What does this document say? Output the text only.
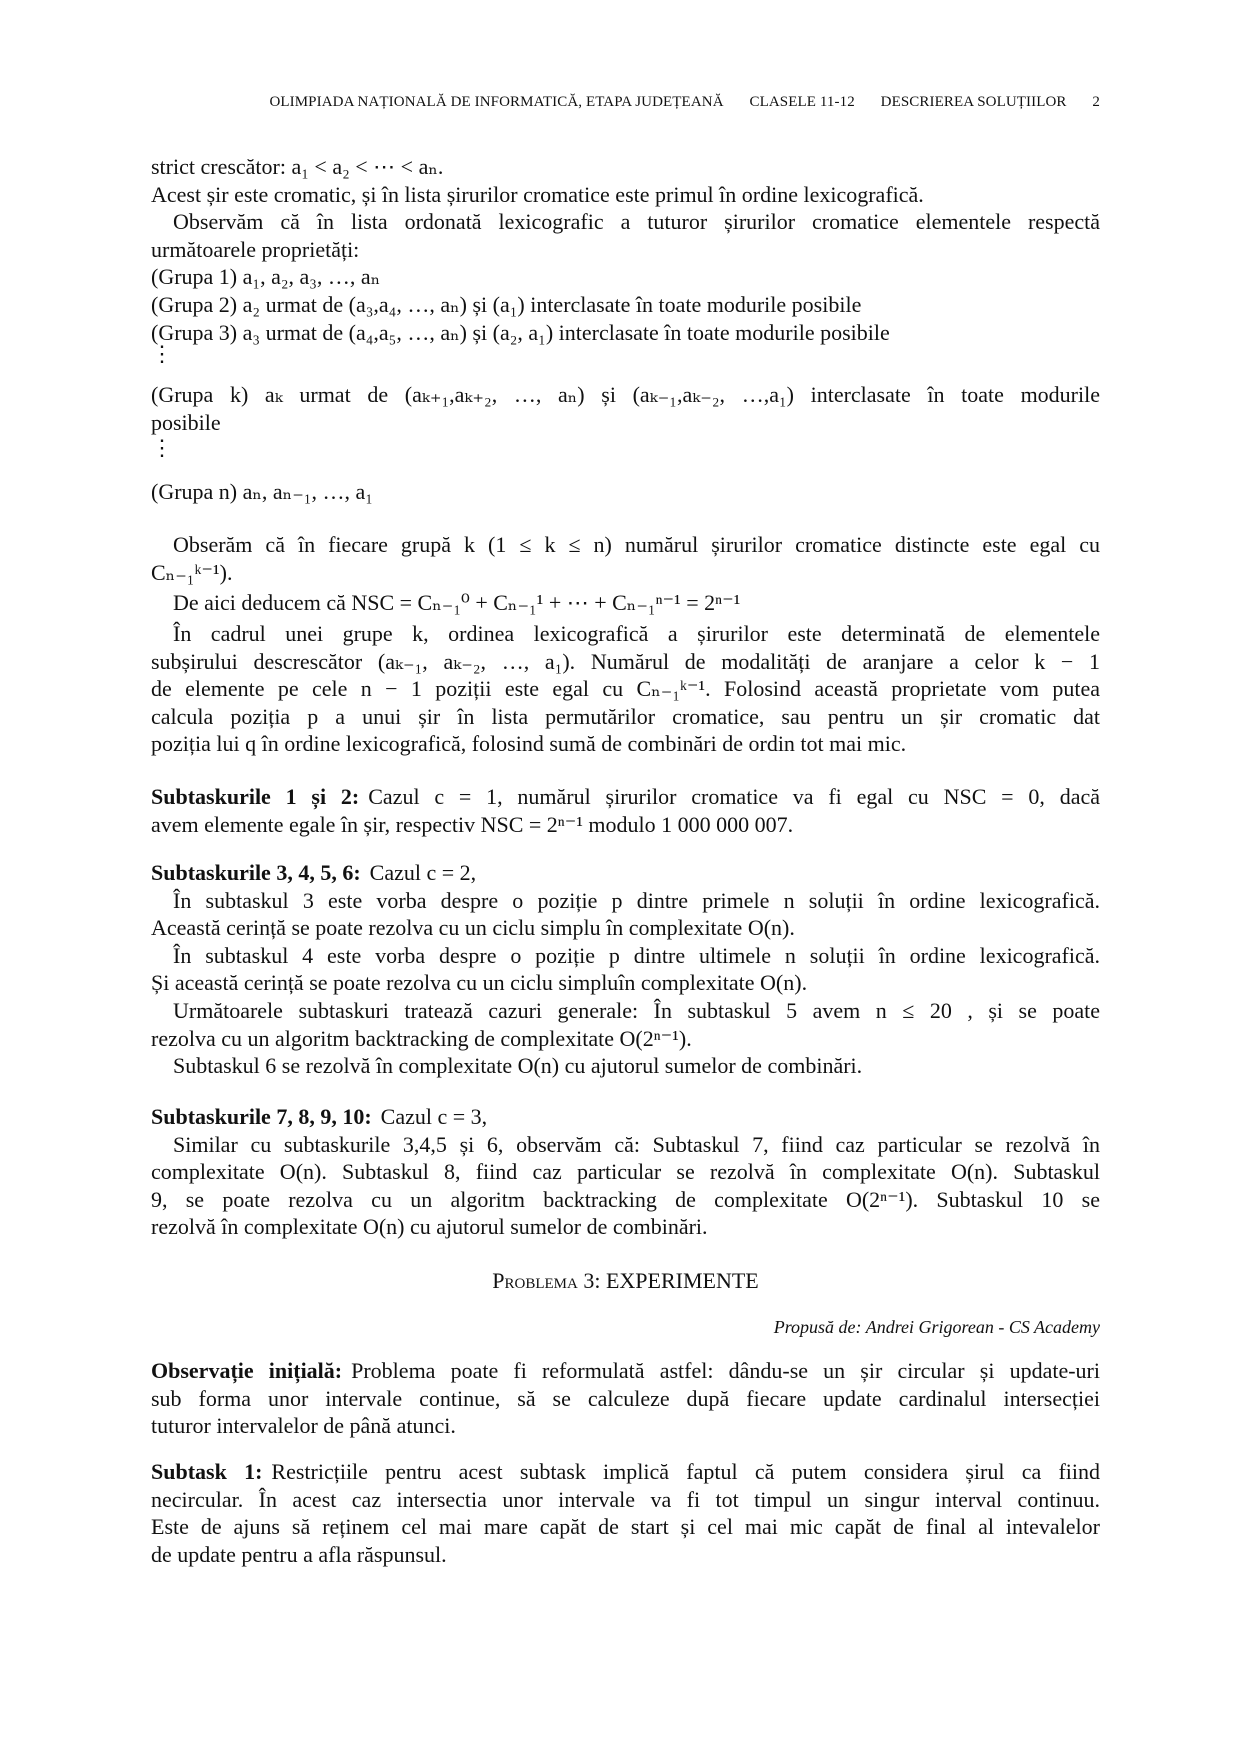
OLIMPIADA NAȚIONALĂ DE INFORMATICĂ, ETAPA JUDEȚEANĂ CLASELE 11-12 DESCRIEREA SOLUȚIILOR 2
strict crescător: a₁ < a₂ < ⋯ < aₙ.
Acest șir este cromatic, și în lista șirurilor cromatice este primul în ordine lexicografică.
Observăm că în lista ordonată lexicografic a tuturor șirurilor cromatice elementele respectă
următoarele proprietăți:
(Grupa 1) a₁, a₂, a₃, …, aₙ
(Grupa 2) a₂ urmat de (a₃,a₄, …, aₙ) și (a₁) interclasate în toate modurile posibile
(Grupa 3) a₃ urmat de (a₄,a₅, …, aₙ) și (a₂, a₁) interclasate în toate modurile posibile
⋮
(Grupa k) aₖ urmat de (aₖ₊₁,aₖ₊₂, …, aₙ) și (aₖ₋₁,aₖ₋₂, …,a₁) interclasate în toate modurile
posibile
⋮
(Grupa n) aₙ, aₙ₋₁, …, a₁
Obserăm că în fiecare grupă k (1 ≤ k ≤ n) numărul șirurilor cromatice distincte este egal cu
Cₙ₋₁ᵏ⁻¹).
De aici deducem că NSC = Cₙ₋₁⁰ + Cₙ₋₁¹ + ⋯ + Cₙ₋₁ⁿ⁻¹ = 2ⁿ⁻¹
În cadrul unei grupe k, ordinea lexicografică a șirurilor este determinată de elementele
subșirului descrescător (aₖ₋₁, aₖ₋₂, …, a₁). Numărul de modalități de aranjare a celor k − 1
de elemente pe cele n − 1 poziții este egal cu Cₙ₋₁ᵏ⁻¹. Folosind această proprietate vom putea
calcula poziția p a unui șir în lista permutărilor cromatice, sau pentru un șir cromatic dat
poziția lui q în ordine lexicografică, folosind sumă de combinări de ordin tot mai mic.
Subtaskurile 1 și 2: Cazul c = 1, numărul șirurilor cromatice va fi egal cu NSC = 0, dacă
avem elemente egale în șir, respectiv NSC = 2ⁿ⁻¹ modulo 1 000 000 007.
Subtaskurile 3, 4, 5, 6: Cazul c = 2,
În subtaskul 3 este vorba despre o poziție p dintre primele n soluții în ordine lexicografică.
Această cerință se poate rezolva cu un ciclu simplu în complexitate O(n).
În subtaskul 4 este vorba despre o poziție p dintre ultimele n soluții în ordine lexicografică.
Și această cerință se poate rezolva cu un ciclu simpluîn complexitate O(n).
Următoarele subtaskuri tratează cazuri generale: În subtaskul 5 avem n ≤ 20 , și se poate
rezolva cu un algoritm backtracking de complexitate O(2ⁿ⁻¹).
Subtaskul 6 se rezolvă în complexitate O(n) cu ajutorul sumelor de combinări.
Subtaskurile 7, 8, 9, 10: Cazul c = 3,
Similar cu subtaskurile 3,4,5 și 6, observăm că: Subtaskul 7, fiind caz particular se rezolvă în
complexitate O(n). Subtaskul 8, fiind caz particular se rezolvă în complexitate O(n). Subtaskul
9, se poate rezolva cu un algoritm backtracking de complexitate O(2ⁿ⁻¹). Subtaskul 10 se
rezolvă în complexitate O(n) cu ajutorul sumelor de combinări.
Problema 3: EXPERIMENTE
Propusă de: Andrei Grigorean - CS Academy
Observație inițială: Problema poate fi reformulată astfel: dându-se un șir circular și update-uri
sub forma unor intervale continue, să se calculeze după fiecare update cardinalul intersecției
tuturor intervalelor de până atunci.
Subtask 1: Restricțiile pentru acest subtask implică faptul că putem considera șirul ca fiind
necircular. În acest caz intersectia unor intervale va fi tot timpul un singur interval continuu.
Este de ajuns să reținem cel mai mare capăt de start și cel mai mic capăt de final al intevalelor
de update pentru a afla răspunsul.
